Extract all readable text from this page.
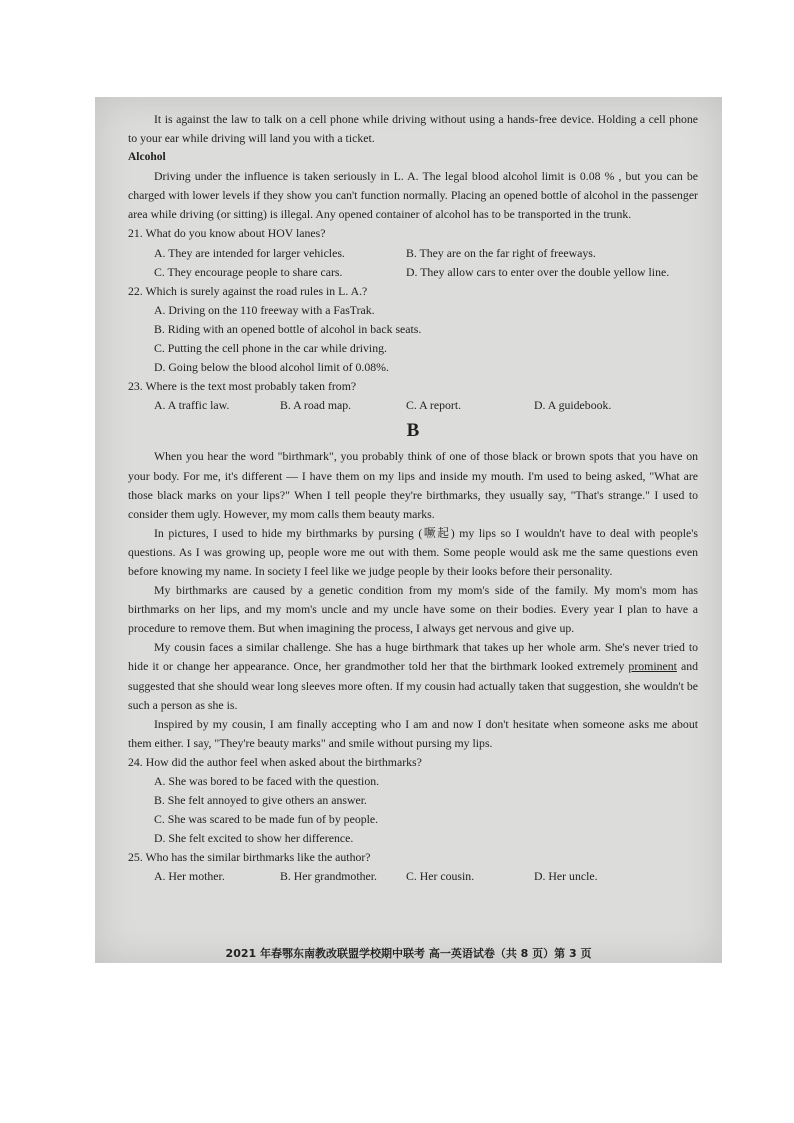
It is against the law to talk on a cell phone while driving without using a hands-free device. Holding a cell phone to your ear while driving will land you with a ticket.

Alcohol

Driving under the influence is taken seriously in L. A. The legal blood alcohol limit is 0.08 % , but you can be charged with lower levels if they show you can't function normally. Placing an opened bottle of alcohol in the passenger area while driving (or sitting) is illegal. Any opened container of alcohol has to be transported in the trunk.

21. What do you know about HOV lanes?
A. They are intended for larger vehicles.	B. They are on the far right of freeways.
C. They encourage people to share cars.	D. They allow cars to enter over the double yellow line.
22. Which is surely against the road rules in L. A.?
A. Driving on the 110 freeway with a FasTrak.
B. Riding with an opened bottle of alcohol in back seats.
C. Putting the cell phone in the car while driving.
D. Going below the blood alcohol limit of 0.08%.
23. Where is the text most probably taken from?
A. A traffic law.	B. A road map.	C. A report.	D. A guidebook.
B

When you hear the word "birthmark", you probably think of one of those black or brown spots that you have on your body. For me, it's different — I have them on my lips and inside my mouth. I'm used to being asked, "What are those black marks on your lips?" When I tell people they're birthmarks, they usually say, "That's strange." I used to consider them ugly. However, my mom calls them beauty marks.

In pictures, I used to hide my birthmarks by pursing (噘起) my lips so I wouldn't have to deal with people's questions. As I was growing up, people wore me out with them. Some people would ask me the same questions even before knowing my name. In society I feel like we judge people by their looks before their personality.

My birthmarks are caused by a genetic condition from my mom's side of the family. My mom's mom has birthmarks on her lips, and my mom's uncle and my uncle have some on their bodies. Every year I plan to have a procedure to remove them. But when imagining the process, I always get nervous and give up.

My cousin faces a similar challenge. She has a huge birthmark that takes up her whole arm. She's never tried to hide it or change her appearance. Once, her grandmother told her that the birthmark looked extremely prominent and suggested that she should wear long sleeves more often. If my cousin had actually taken that suggestion, she wouldn't be such a person as she is.

Inspired by my cousin, I am finally accepting who I am and now I don't hesitate when someone asks me about them either. I say, "They're beauty marks" and smile without pursing my lips.

24. How did the author feel when asked about the birthmarks?
A. She was bored to be faced with the question.
B. She felt annoyed to give others an answer.
C. She was scared to be made fun of by people.
D. She felt excited to show her difference.
25. Who has the similar birthmarks like the author?
A. Her mother.	B. Her grandmother.	C. Her cousin.	D. Her uncle.
2021 年春鄂东南教改联盟学校期中联考 高一英语试卷（共 8 页）第 3 页
